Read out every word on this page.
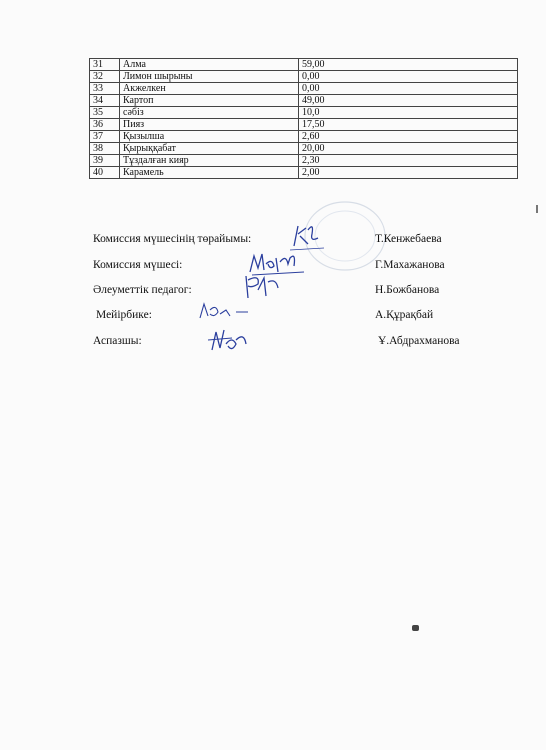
31	Алма	59,00
32	Лимон шырыны	0,00
33	Акжелкен	0,00
34	Картоп	49,00
35	сәбіз	10,0
36	Пияз	17,50
37	Қызылша	2,60
38	Қырыққабат	20,00
39	Тұздалған кияр	2,30
40	Карамель	2,00
Комиссия мүшесінің төрайымы:	Т.Кенжебаева
Комиссия мүшесі:	Г.Махажанова
Әлеуметтік педагог:	Н.Божбанова
Мейірбике:	А.Құрақбай
Аспазшы:	Ұ.Абдрахманова
